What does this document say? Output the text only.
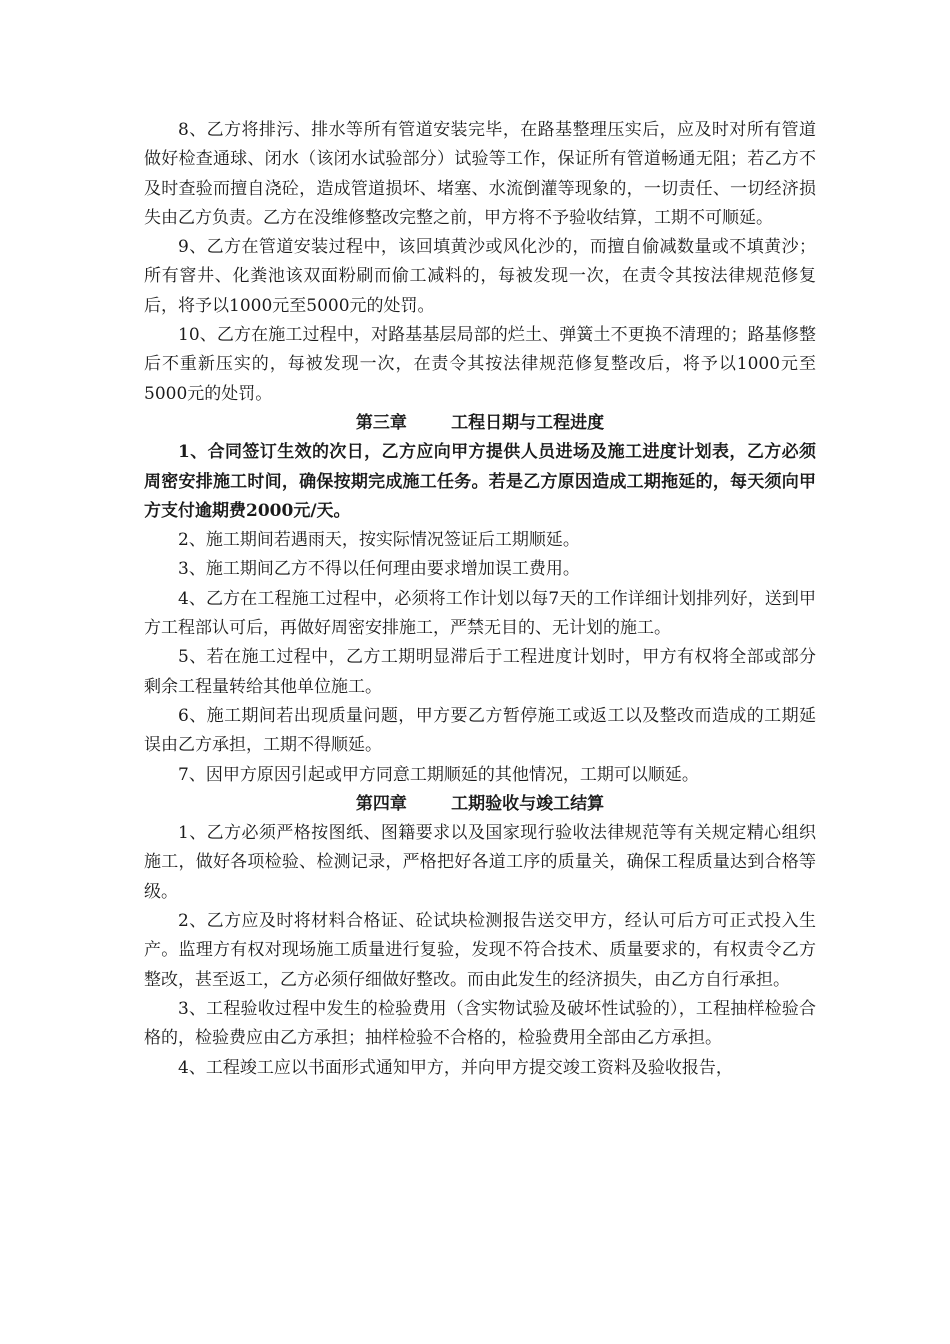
8、乙方将排污、排水等所有管道安装完毕，在路基整理压实后，应及时对所有管道做好检查通球、闭水（该闭水试验部分）试验等工作，保证所有管道畅通无阻；若乙方不及时查验而擅自浇砼，造成管道损坏、堵塞、水流倒灌等现象的，一切责任、一切经济损失由乙方负责。乙方在没维修整改完整之前，甲方将不予验收结算，工期不可顺延。

9、乙方在管道安装过程中，该回填黄沙或风化沙的，而擅自偷减数量或不填黄沙；所有窨井、化粪池该双面粉刷而偷工减料的，每被发现一次，在责令其按法律规范修复后，将予以1000元至5000元的处罚。

10、乙方在施工过程中，对路基基层局部的烂土、弹簧土不更换不清理的；路基修整后不重新压实的，每被发现一次，在责令其按法律规范修复整改后，将予以1000元至5000元的处罚。

第三章	工程日期与工程进度

1、合同签订生效的次日，乙方应向甲方提供人员进场及施工进度计划表，乙方必须周密安排施工时间，确保按期完成施工任务。若是乙方原因造成工期拖延的，每天须向甲方支付逾期费2000元/天。

2、施工期间若遇雨天，按实际情况签证后工期顺延。

3、施工期间乙方不得以任何理由要求增加误工费用。

4、乙方在工程施工过程中，必须将工作计划以每7天的工作详细计划排列好，送到甲方工程部认可后，再做好周密安排施工，严禁无目的、无计划的施工。

5、若在施工过程中，乙方工期明显滞后于工程进度计划时，甲方有权将全部或部分剩余工程量转给其他单位施工。

6、施工期间若出现质量问题，甲方要乙方暂停施工或返工以及整改而造成的工期延误由乙方承担，工期不得顺延。

7、因甲方原因引起或甲方同意工期顺延的其他情况，工期可以顺延。

第四章	工期验收与竣工结算

1、乙方必须严格按图纸、图籍要求以及国家现行验收法律规范等有关规定精心组织施工，做好各项检验、检测记录，严格把好各道工序的质量关，确保工程质量达到合格等级。

2、乙方应及时将材料合格证、砼试块检测报告送交甲方，经认可后方可正式投入生产。监理方有权对现场施工质量进行复验，发现不符合技术、质量要求的，有权责令乙方整改，甚至返工，乙方必须仔细做好整改。而由此发生的经济损失，由乙方自行承担。

3、工程验收过程中发生的检验费用（含实物试验及破坏性试验的），工程抽样检验合格的，检验费应由乙方承担；抽样检验不合格的，检验费用全部由乙方承担。

4、工程竣工应以书面形式通知甲方，并向甲方提交竣工资料及验收报告，
